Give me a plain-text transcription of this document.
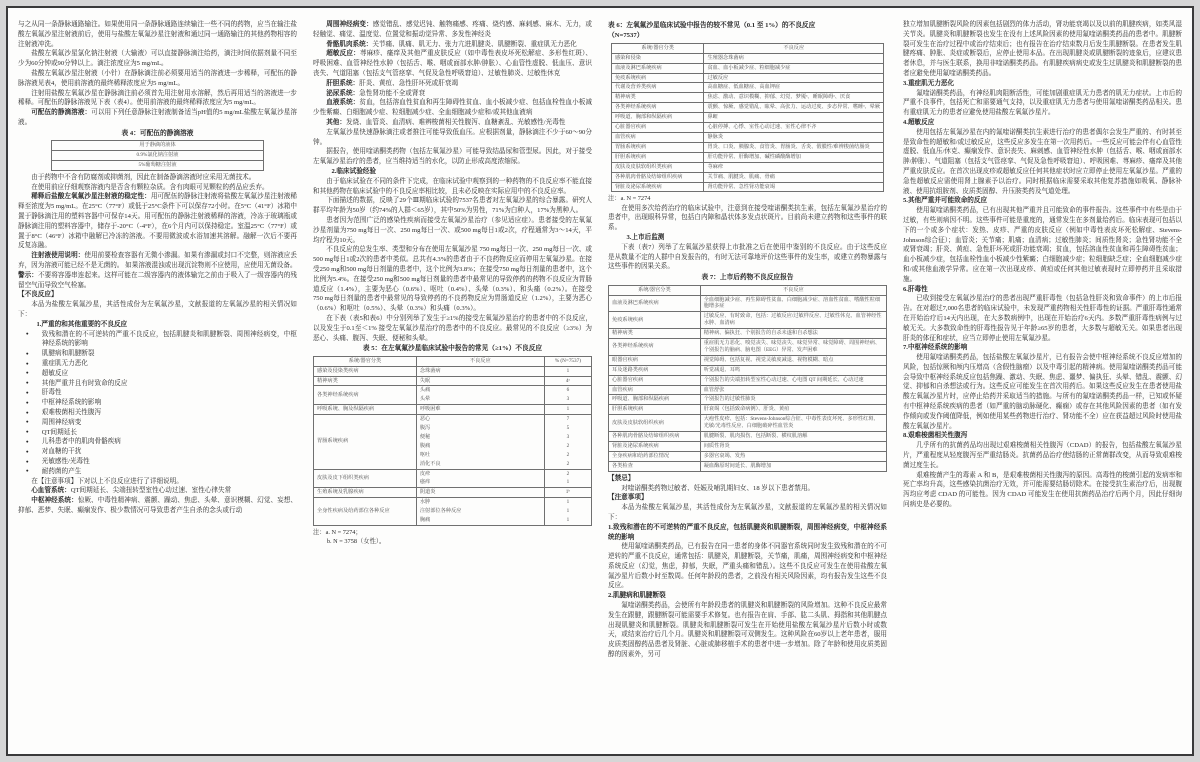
与之从同一条静脉通路输注。如果使用同一条静脉通路连续输注一些不同的药物，应当在输注盐酸左氧氟沙星注射液前后，使用与盐酸左氧氟沙星注射液和通过同一通路输注的其他药物相容的注射液冲洗。
盐酸左氧氟沙星氯化钠注射液（大输液）可以直接静脉滴注给药，滴注时间依据剂量不同至少为60分钟或90分钟以上。滴注浓度应为5 mg/mL。
盐酸左氧氟沙星注射液（小针）在静脉滴注前必须要用适当的溶液进一步稀释，可配伍的静脉溶液见表4，使用前溶液的最终稀释浓度应为5 mg/mL。
注射用盐酸左氧氟沙星在静脉滴注前必须首先用注射用水溶解，然后再用适当的溶液进一步稀释。可配伍的静脉溶液见下表（表4）。使用前溶液的最终稀释浓度应为5 mg/mL。
可配伍的静滴溶液：可以用下列任意静脉注射液制备适当pH值的5 mg/mL盐酸左氧氟沙星溶液。
表 4：可配伍的静滴溶液
用于静滴的液体
0.9%氯化钠注射液
5%葡萄糖注射液
由于药物中不含有防腐剂或抑菌剂，因此在制备静滴溶液时应采用无菌技术。
在使用前应仔细观察溶液内是否含有颗粒杂质。含有肉眼可见颗粒的药品应丢弃。
稀释后盐酸左氧氟沙星注射液的稳定性：用可配伍的静脉注射液将盐酸左氧氟沙星注射液稀释至浓度为5 mg/mL。在25°C（77°F）或低于25°C条件下可以保存72小时。在5°C（41°F）冰箱中置于静脉滴注用的塑料容器中可保存14天。用可配伍的静脉注射液稀释的溶液，冷冻于玻璃瓶或静脉滴注用的塑料容器中，储存于-20°C（-4°F），在6个月内可以保持稳定。室温25°C（77°F）或置于8°C（46°F）冰箱中融解已冷冻的溶液。不要用微波或水浴加速其溶解。融解一次后不要再反复冻融。
注射液使用说明：使用前要检查容器有无微小渗漏。如果有渗漏或封口不完整，则溶液应丢弃，因为溶液可能已经不是无菌的。 如果溶液混浊或出现沉淀物则不应使用，应使用无菌设备。
警示：不要将容器串连起来。这样可能在二级容器内的液体输完之前由于吸入了一级容器内的残留空气而导致空气栓塞。
【不良反应】
本品为盐酸左氧氟沙星，其活性成份为左氧氟沙星，文献报道的左氧氟沙星的相关情况如下：
1.严重的和其他重要的不良反应
● 致残和潜在的不可逆转的严重不良反应，包括肌腱炎和肌腱断裂、周围神经病变，中枢神经系统的影响
● 肌腱病和肌腱断裂
● 重症肌无力恶化
● 超敏反应
● 其他严重并且有时致命的反应
● 肝毒性
● 中枢神经系统的影响
● 艰难梭菌相关性腹泻
● 周围神经病变
● QT间期延长
● 儿科患者中的肌肉骨骼疾病
● 对血糖的干扰
● 光敏感性/光毒性
● 耐药菌的产生
在【注意事项】下对以上不良反应进行了详细说明。
心血管系统：QT间期延长、尖端扭转型室性心动过速、室性心律失常
中枢神经系统：惊厥、中毒性精神病、震颤、躁动、焦虑、头晕、意识模糊、幻觉、妄想、抑郁、恶梦、失眠、癫痫发作、极少数情况可导致患者产生自杀的念头或行动
周围神经病变：感觉错乱、感觉迟钝、触物痛感、疼痛、烧灼感、麻刺感、麻木、无力，或轻触觉、痛觉、温度觉、位置觉和振动觉异常、多发性神经炎
骨骼肌肉系统：关节痛、肌痛、肌无力、张力亢进肌腱炎、肌腱断裂、重症肌无力恶化
超敏反应：荨麻疹、瘙痒及其他严重皮肤反应（如中毒性表皮坏死松解症、多形性红斑）、呼吸困难、血管神经性水肿（包括舌、喉、咽或面部水肿/肿胀）、心血管性虚脱、低血压、意识丧失、气道阻塞（包括支气管痉挛、气促及急性呼吸窘迫）、过敏性肺炎、过敏性休克
肝胆系统：肝炎、黄疸、急性肝坏死或肝衰竭
泌尿系统：急性肾功能不全或肾衰
血液系统：贫血，包括溶血性贫血和再生障碍性贫血、血小板减少症、包括血栓性血小板减少性紫癜、白细胞减少症、粒细胞减少症、全血细胞减少症和/或其他血液病
其他：发烧、血管炎、血清病、难辨梭菌相关性腹泻、血糖紊乱、光敏感性/光毒性
左氧氟沙星快速静脉滴注或者推注可能导致低血压。应根据剂量，静脉滴注不少于60～90分钟。
据报告，使用喹诺酮类药物（包括左氧氟沙星）可能导致结晶尿和管型尿。因此，对于接受左氧氟沙星治疗的患者，应当维持适当的水化，以防止形成高度浓缩尿。
2.临床试验经验
由于临床试验在不同的条件下完成，在临床试验中观察到的一种药物的不良反应率不能直接和其他药物在临床试验中的不良反应率相比较，且未必反映在实际应用中的不良反应率。
下面描述的数据，反映了29个Ⅲ期临床试验的7537名患者对左氧氟沙星的综合暴露。研究人群平均年龄为50岁（约74%的人群＜65岁），其中50%为男性，71%为白种人，17%为黑种人。
患者因为范围广泛的感染性疾病而接受左氧氟沙星治疗（参见适应症）。患者接受的左氧氟沙星剂量为750 mg每日一次、250 mg每日一次、或500 mg每日1或2次，疗程通常为3～14天，平均疗程为10天。
不良反应的总发生率、类型和分布在使用左氧氟沙星 750 mg每日一次、250 mg每日一次、或500 mg每日1或2次的患者中类似。总共有4.3%的患者由于不良药物反应而停用左氧氟沙星。在接受250 mg和500 mg每日剂量的患者中，这个比例为3.8%；在接受750 mg每日剂量的患者中，这个比例为5.4%。在接受250 mg和500 mg每日剂量的患者中最常见的导致停药的药物不良反应为胃肠道反应（1.4%），主要为恶心（0.6%）、呕吐（0.4%）、头晕（0.3%）、和头痛（0.2%）。在接受750 mg每日剂量的患者中最常见的导致停药的不良药物反应为胃肠道反应（1.2%），主要为恶心（0.6%）和呕吐（0.5%）、头晕（0.3%）和头痛（0.3%）。
在下表（表5和表6）中分别列举了发生于≥1%的接受左氧氟沙星治疗的患者中的不良反应，以及发生于0.1至＜1% 接受左氧氟沙星治疗的患者中的不良反应。最常见的不良反应（≥3%）为恶心、头痛、腹泻、失眠、便秘和头晕。
表 5：在左氧氟沙星临床试验中报告的常见（≥1%）不良反应
系统/器官分类	不良反应	% (N=7537)
感染及侵染类疾病	念珠菌病	1
精神病类	失眠	4ᵃ
各类神经系统疾病	头痛	6
	头晕	3
呼吸系统、胸及纵隔疾病	呼吸困难	1
胃肠系统疾病	恶心	7
	腹泻	5
	便秘	3
	腹痛	2
	呕吐	2
	消化不良	2
皮肤及皮下组织类疾病	皮疹	2
	瘙痒	1
生殖系统及乳腺疾病	阴道炎	1ᵇ
全身性疾病及给药部位各种反应	水肿	1
	注射部位各种反应	1
	胸痛	1
注：a. N = 7274；
b. N = 3758（女性）。
表 6：左氧氟沙星临床试验中报告的较不常见（0.1 至 1%）的不良反应
（N=7537）
系统/器官分类	不良反应
感染和侵染	生殖器念珠菌病
血液及淋巴系统疾病	贫血、血小板减少症、粒细胞减少症
免疫系统疾病	过敏反应
代谢及营养类疾病	高血糖症、低血糖症、高血钾症
精神病类	焦虑、激动、意识模糊、抑郁、幻觉、梦魇ᵃ、睡眠障碍ᵃ、厌食
各类神经系统疾病	震颤、惊厥、感觉错乱、眩晕、高张力、运动过度、步态异常、嗜睡ᵃ、晕厥
呼吸道、胸部和纵隔疾病	鼻衄
心脏器官疾病	心脏停搏、心悸、室性心动过速、室性心律不齐
血管疾病	静脉炎
胃肠系统疾病	胃炎、口炎、胰腺炎、食管炎、胃肠炎、舌炎、假膜性/难辨梭菌结肠炎
肝胆系统疾病	肝功能异常、肝酶增加、碱性磷酸酶增加
皮肤及皮肤软组织类疾病	荨麻疹
各种肌肉骨骼及结缔组织疾病	关节痛、肌腱炎、肌痛、骨痛
肾脏及泌尿系统疾病	肾功能异常、急性肾功能衰竭
注：a. N = 7274
在使用多次给药治疗的临床试验中，注意到在接受喹诺酮类抗生素，包括左氧氟沙星治疗的患者中，出现眼科异常，包括白内障和晶状体多发点状斑片。目前尚未建立药物和这些事件的联系。
3.上市后监测
下表（表7）列举了左氧氟沙星获得上市批准之后在使用中鉴别的不良反应。由于这些反应是从数量不定的人群中自发报告的，有时无法可靠地评价这些事件的发生率，或建立药物暴露与这些事件的因果关系。
表 7：上市后药物不良反应报告
系统/器官分类	不良反应
血液及淋巴系统疾病	全血细胞减少症、再生障碍性贫血、白细胞减少症、溶血性贫血、嗜酸性粒细胞增多症
免疫系统疾病	过敏反应、有时致命，包括：过敏反应/过敏样反应、过敏性休克、血管神经性水肿、血清病
精神病类	精神病、偏执狂、个别报告的自杀未遂和自杀想法
各类神经系统疾病	重症肌无力恶化、嗅觉丧失、味觉丧失、味觉异常、味觉障碍、周围神经病、个别报告的脑病、脑电图（EEG）异常、发声困难
眼器官疾病	视觉障碍、包括复视、视觉灵敏度减退、视物模糊、暗点
耳及迷路类疾病	听觉减退、耳鸣
心脏器官疾病	个别报告的尖端扭转型室性心动过速、心电图 QT 间期延长、心动过速
血管疾病	血管舒张
呼吸道、胸部和纵隔疾病	个别报告的过敏性肺炎
肝胆系统疾病	肝衰竭（包括致命病例）、肝炎、黄疸
皮肤及皮肤软组织疾病	大疱性皮疹、包括：Stevens-Johnson综合征、中毒性表皮坏死、多形性红斑、光敏/光毒性反应、白细胞破碎性血管炎
各种肌肉骨骼及结缔组织疾病	肌腱断裂、肌肉损伤、包括断裂、横纹肌溶解
肾脏及泌尿系统疾病	间质性肾炎
全身疾病和给药部位情况	多器官衰竭、发热
各类检查	凝血酶原时间延长、肌酶增加
【禁忌】
对喹诺酮类药物过敏者、妊娠及哺乳期妇女、18 岁以下患者禁用。
【注意事项】
本品为盐酸左氧氟沙星，其活性成份为左氧氟沙星，文献报道的左氧氟沙星的相关情况如下：
1.致残和潜在的不可逆转的严重不良反应，包括肌腱炎和肌腱断裂，周围神经病变，中枢神经系统的影响
使用氟喹诺酮类药品，已有报告在同一患者的身体不同器官系统同时发生致残和潜在的不可逆转的严重不良反应，通常包括：肌腱炎，肌腱断裂，关节痛，肌痛，周围神经病变和中枢神经系统反应（幻觉，焦虑，抑郁，失眠，严重头痛和错乱）。这些不良反应可发生在使用盐酸左氧氟沙星片后数小时至数周。任何年龄段的患者，之前没有相关风险因素，均有报告发生这些不良反应。
2.肌腱病和肌腱断裂
氟喹诺酮类药品，会使所有年龄段患者的肌腱炎和肌腱断裂的风险增加。这种不良反应最常发生在跟腱，跟腱断裂可能需要手术修复。也有报告在肩、手部、肱二头肌、拇指和其他肌腱点出现肌腱炎和肌腱断裂。肌腱炎和肌腱断裂可发生在开始使用盐酸左氧氟沙星片后数小时或数天，或结束治疗后几个月。肌腱炎和肌腱断裂可双侧发生。这种风险在60岁以上老年患者，服用皮质类固醇药品患者及肾脏、心脏或肺移植手术的患者中进一步增加。除了年龄和使用皮质类固醇的因素外，另可
独立增加肌腱断裂风险的因素包括剧烈的体力活动，肾功能衰竭以及以前的肌腱疾病，如类风湿关节炎。肌腱炎和肌腱断裂也发生在没有上述风险因素的使用氟喹诺酮类药品的患者中。肌腱断裂可发生在治疗过程中或治疗结束后；也有报告在治疗结束数月后发生肌腱断裂。在患者发生肌腱疼痛、肿胀、炎症或断裂后，应停止使用本品。在出现肌腱炎或肌腱断裂的迹象后，应建议患者休息，并与医生联系，换用非喹诺酮类药品。有肌腱疾病病史或发生过肌腱炎和肌腱断裂的患者应避免使用氟喹诺酮类药品。
3.重症肌无力恶化
氟喹诺酮类药品，有神经肌肉阻断活性，可能加剧重症肌无力患者的肌无力症状。上市后的严重不良事件，包括死亡和需要通气支持，以及重症肌无力患者与使用氟喹诺酮类药品相关。患有重症肌无力的患者应避免使用盐酸左氧氟沙星片。
4.超敏反应
使用包括左氧氟沙星在内的氟喹诺酮类抗生素进行治疗的患者偶尔会发生严重的、有时甚至是致命性的超敏和/或过敏反应，这些反应多发生在第一次用药后。一些反应可能会伴有心血管性虚脱、低血压/休克、癫痫发作、意识丧失、麻刺感、血管神经性水肿（包括舌、喉、咽或面部水肿/肿胀）、气道阻塞（包括支气管痉挛、气促及急性呼吸窘迫）、呼吸困难、荨麻疹、瘙痒及其他严重皮肤反应。在首次出现皮疹或超敏反应任何其他症状时应立即停止使用左氧氟沙星。严重的急性超敏反应需使用肾上腺素予以治疗。同时根据临床需要采取其他复苏措施如吸氧、静脉补液、使用抗组胺剂、皮质类固醇、升压胺类药及气道处理。
5.其他严重并可能致命的反应
使用氟喹诺酮类药品，已有出现其他严重并且可能致命的事件报告。这些事件中有些是由于过敏，有些则病因不明。这些事件可能是重度的，通常发生在多剂量给药后。临床表现可包括以下的一个或多个症状：发热、皮疹、严重的皮肤反应（例如中毒性表皮坏死松解症、Stevens-Johnson综合征）；血管炎；关节痛；肌痛；血清病；过敏性肺炎；间质性肾炎；急性肾功能不全或肾衰竭；肝炎、黄疸、急性肝坏死或肝功能衰竭；贫血，包括溶血性贫血和再生障碍性贫血；血小板减少症，包括血栓性血小板减少性紫癜；白细胞减少症；粒细胞缺乏症；全血细胞减少症和/或其他血液学异常。应在第一次出现皮疹、黄疸或任何其他过敏表现时立即停药并且采取措施。
6.肝毒性
已收到接受左氧氟沙星治疗的患者出现严重肝毒性（包括急性肝炎和致命事件）的上市后报告。在对超过7,000名患者的临床试验中，未发现严重药物相关性肝毒性的证据。严重肝毒性通常在开始治疗后14天内出现，在大多数病例中，出现在开始治疗6天内。多数严重肝毒性病例与过敏无关。大多数致命性的肝毒性报告见于年龄≥65岁的患者，大多数与超敏无关。如果患者出现肝炎的体征和症状，应当立即停止使用左氧氟沙星。
7.中枢神经系统的影响
使用氟喹诺酮类药品，包括盐酸左氧氟沙星片，已有报告会使中枢神经系统不良反应增加的风险，包括惊厥和颅内压增高（含假性脑瘤）以及中毒引起的精神病。使用氟喹诺酮类药品可能会导致中枢神经系统反应包括焦躁、激动、失眠、焦虑、噩梦、偏执狂、头晕、错乱、震颤、幻觉、抑郁和自杀想法或行为。这些反应可能发生在首次用药后。如果这些反应发生在患者使用盐酸左氧氟沙星片时，应停止给药并采取适当的措施。与所有的氟喹诺酮类药品一样，已知或怀疑有中枢神经系统疾病的患者（如严重的脑动脉硬化、癫痫）或存在其他风险因素的患者（如有发作倾向或发作阈值降低，例如使用某些药物进行治疗、肾功能不全）应在获益超过风险时使用盐酸左氧氟沙星片。
8.艰难梭菌相关性腹泻
几乎所有的抗菌药品均出现过艰难梭菌相关性腹泻（CDAD）的报告，包括盐酸左氧氟沙星片，严重程度从轻度腹泻至严重结肠炎。抗菌药品治疗使结肠的正常菌群改变，从而导致艰难梭菌过度生长。
艰难梭菌产生的毒素 A 和 B，是艰难梭菌相关性腹泻的原因。高毒性的梭菌引起的发病率和死亡率均升高，这些感染抗菌治疗无效，并可能需要结肠切除术。在接受抗生素治疗后，出现腹泻均应考虑 CDAD 的可能性。因为 CDAD 可能发生在使用抗菌药品治疗后两个月，因此仔细询问病史是必要的。
